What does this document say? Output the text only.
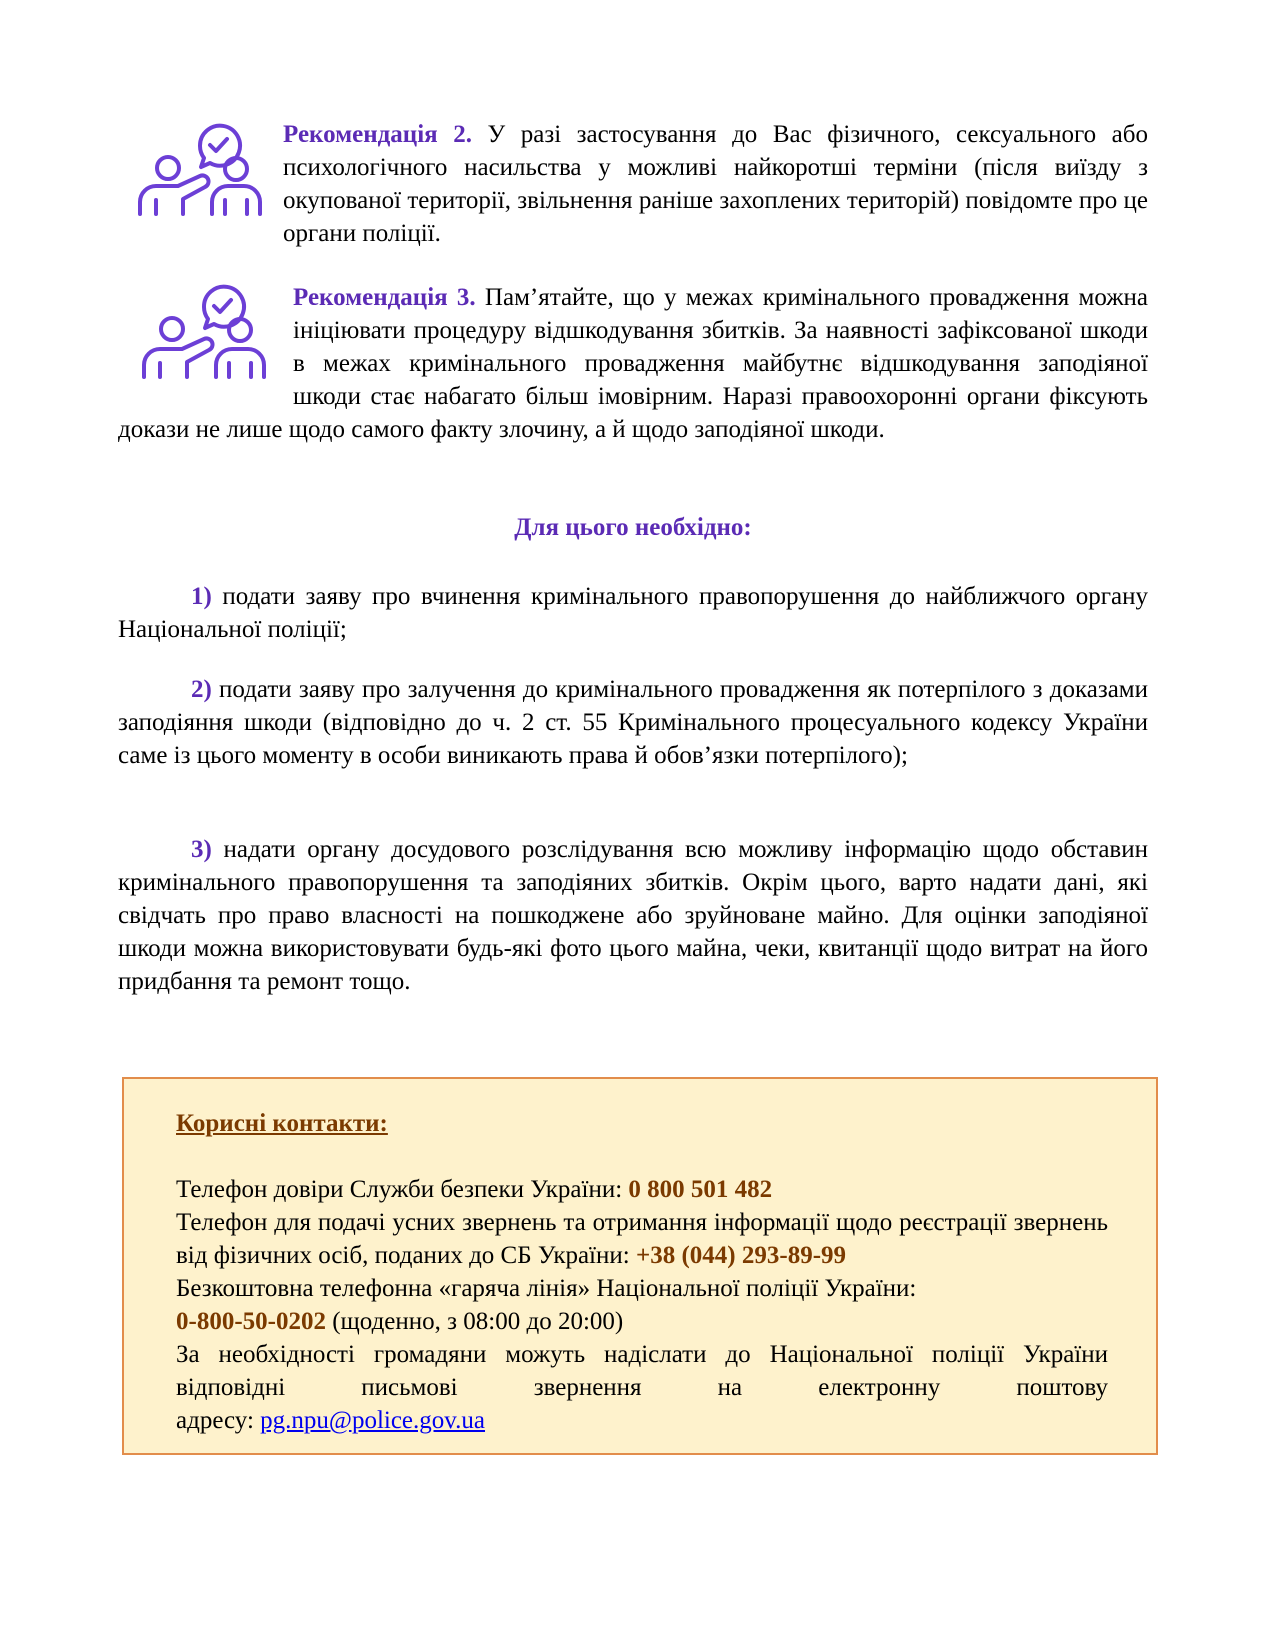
Рекомендація 2. У разі застосування до Вас фізичного, сексуального або психологічного насильства у можливі найкоротші терміни (після виїзду з окупованої території, звільнення раніше захоплених територій) повідомте про це органи поліції.

Рекомендація 3. Пам’ятайте, що у межах кримінального провадження можна ініціювати процедуру відшкодування збитків. За наявності зафіксованої шкоди в межах кримінального провадження майбутнє відшкодування заподіяної шкоди стає набагато більш імовірним. Наразі правоохоронні органи фіксують докази не лише щодо самого факту злочину, а й щодо заподіяної шкоди.

Для цього необхідно:

1) подати заяву про вчинення кримінального правопорушення до найближчого органу Національної поліції;

2) подати заяву про залучення до кримінального провадження як потерпілого з доказами заподіяння шкоди (відповідно до ч. 2 ст. 55 Кримінального процесуального кодексу України саме із цього моменту в особи виникають права й обов’язки потерпілого);

3) надати органу досудового розслідування всю можливу інформацію щодо обставин кримінального правопорушення та заподіяних збитків. Окрім цього, варто надати дані, які свідчать про право власності на пошкоджене або зруйноване майно. Для оцінки заподіяної шкоди можна використовувати будь-які фото цього майна, чеки, квитанції щодо витрат на його придбання та ремонт тощо.

Корисні контакти:

Телефон довіри Служби безпеки України: 0 800 501 482

Телефон для подачі усних звернень та отримання інформації щодо реєстрації звернень від фізичних осіб, поданих до СБ України: +38 (044) 293-89-99

Безкоштовна телефонна «гаряча лінія» Національної поліції України:

0-800-50-0202 (щоденно, з 08:00 до 20:00)

За необхідності громадяни можуть надіслати до Національної поліції України відповідні письмові звернення на електронну поштову

адресу: pg.npu@police.gov.ua
